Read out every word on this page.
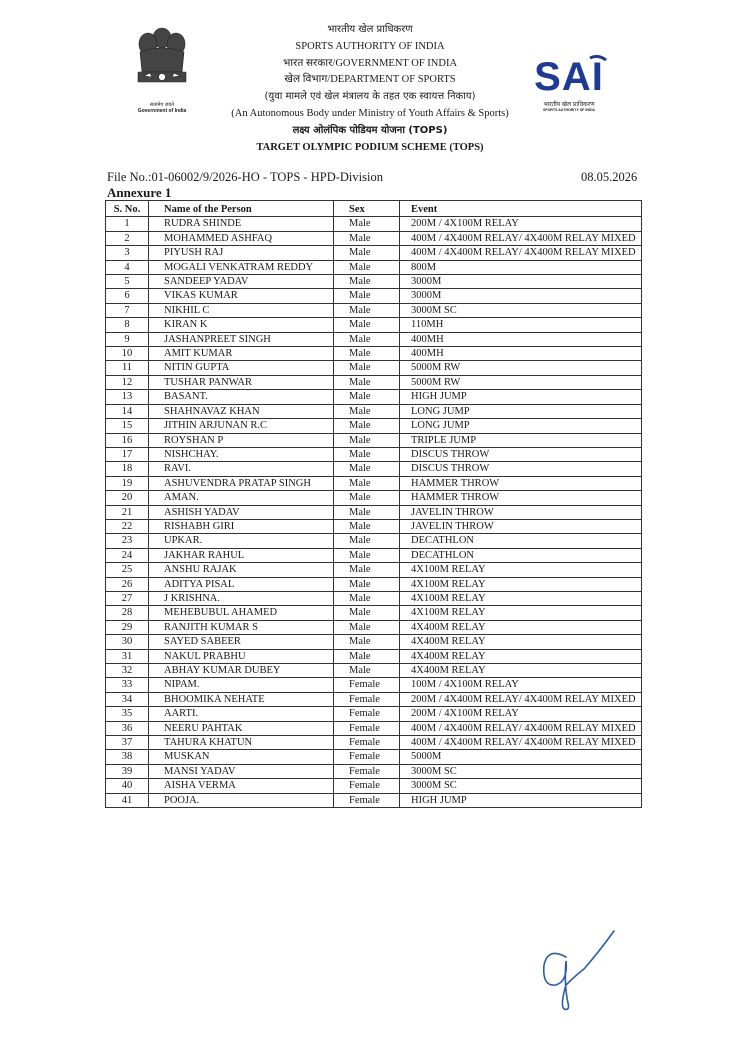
सत्यमेव जयते
Government of India
भारतीय खेल प्राधिकरण
SPORTS AUTHORITY OF INDIA
भारत सरकार/GOVERNMENT OF INDIA
खेल विभाग/DEPARTMENT OF SPORTS
(युवा मामले एवं खेल मंत्रालय के तहत एक स्वायत्त निकाय)
(An Autonomous Body under Ministry of Youth Affairs & Sports)
लक्ष्य ओलंपिक पोडियम योजना (TOPS)
TARGET OLYMPIC PODIUM SCHEME (TOPS)
SAI
भारतीय खेल प्राधिकरण
SPORTS AUTHORITY OF INDIA
File No.:01-06002/9/2026-HO - TOPS - HPD-Division	08.05.2026
Annexure 1
S. No.	Name of the Person	Sex	Event
1	RUDRA SHINDE	Male	200M / 4X100M RELAY
2	MOHAMMED ASHFAQ	Male	400M / 4X400M RELAY/ 4X400M RELAY MIXED
3	PIYUSH RAJ	Male	400M / 4X400M RELAY/ 4X400M RELAY MIXED
4	MOGALI VENKATRAM REDDY	Male	800M
5	SANDEEP YADAV	Male	3000M
6	VIKAS KUMAR	Male	3000M
7	NIKHIL C	Male	3000M SC
8	KIRAN K	Male	110MH
9	JASHANPREET SINGH	Male	400MH
10	AMIT KUMAR	Male	400MH
11	NITIN GUPTA	Male	5000M RW
12	TUSHAR PANWAR	Male	5000M RW
13	BASANT.	Male	HIGH JUMP
14	SHAHNAVAZ KHAN	Male	LONG JUMP
15	JITHIN ARJUNAN R.C	Male	LONG JUMP
16	ROYSHAN P	Male	TRIPLE JUMP
17	NISHCHAY.	Male	DISCUS THROW
18	RAVI.	Male	DISCUS THROW
19	ASHUVENDRA PRATAP SINGH	Male	HAMMER THROW
20	AMAN.	Male	HAMMER THROW
21	ASHISH YADAV	Male	JAVELIN THROW
22	RISHABH GIRI	Male	JAVELIN THROW
23	UPKAR.	Male	DECATHLON
24	JAKHAR RAHUL	Male	DECATHLON
25	ANSHU RAJAK	Male	4X100M RELAY
26	ADITYA PISAL	Male	4X100M RELAY
27	J KRISHNA.	Male	4X100M RELAY
28	MEHEBUBUL AHAMED	Male	4X100M RELAY
29	RANJITH KUMAR S	Male	4X400M RELAY
30	SAYED SABEER	Male	4X400M RELAY
31	NAKUL PRABHU	Male	4X400M RELAY
32	ABHAY KUMAR DUBEY	Male	4X400M RELAY
33	NIPAM.	Female	100M / 4X100M RELAY
34	BHOOMIKA NEHATE	Female	200M / 4X400M RELAY/ 4X400M RELAY MIXED
35	AARTI.	Female	200M / 4X100M RELAY
36	NEERU PAHTAK	Female	400M / 4X400M RELAY/ 4X400M RELAY MIXED
37	TAHURA KHATUN	Female	400M / 4X400M RELAY/ 4X400M RELAY MIXED
38	MUSKAN	Female	5000M
39	MANSI YADAV	Female	3000M SC
40	AISHA VERMA	Female	3000M SC
41	POOJA.	Female	HIGH JUMP
